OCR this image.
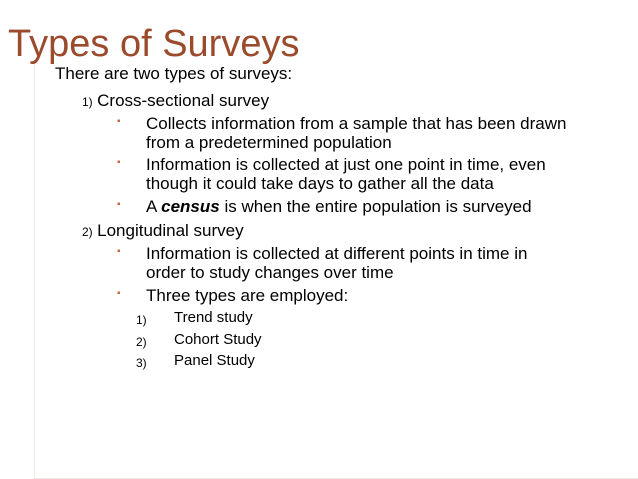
Types of Surveys
There are two types of surveys:
1) Cross-sectional survey
▪ Collects information from a sample that has been drawn
from a predetermined population
▪ Information is collected at just one point in time, even
though it could take days to gather all the data
▪ A census is when the entire population is surveyed
2) Longitudinal survey
▪ Information is collected at different points in time in
order to study changes over time
▪ Three types are employed:
1) Trend study
2) Cohort Study
3) Panel Study
